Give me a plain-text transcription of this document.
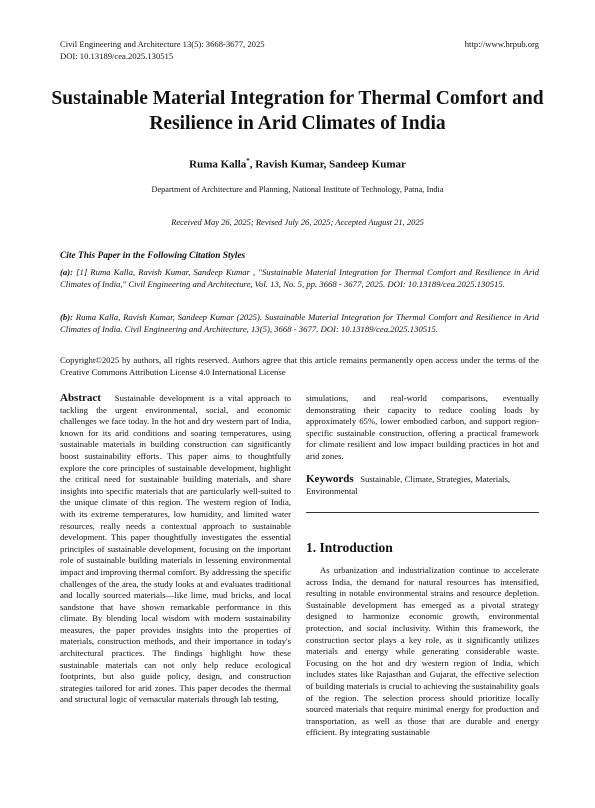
Civil Engineering and Architecture 13(5): 3668-3677, 2025
DOI: 10.13189/cea.2025.130515
http://www.hrpub.org
Sustainable Material Integration for Thermal Comfort and Resilience in Arid Climates of India
Ruma Kalla*, Ravish Kumar, Sandeep Kumar
Department of Architecture and Planning, National Institute of Technology, Patna, India
Received May 26, 2025; Revised July 26, 2025; Accepted August 21, 2025
Cite This Paper in the Following Citation Styles
(a): [1] Ruma Kalla, Ravish Kumar, Sandeep Kumar , "Sustainable Material Integration for Thermal Comfort and Resilience in Arid Climates of India," Civil Engineering and Architecture, Vol. 13, No. 5, pp. 3668 - 3677, 2025. DOI: 10.13189/cea.2025.130515.
(b): Ruma Kalla, Ravish Kumar, Sandeep Kumar (2025). Sustainable Material Integration for Thermal Comfort and Resilience in Arid Climates of India. Civil Engineering and Architecture, 13(5), 3668 - 3677. DOI: 10.13189/cea.2025.130515.
Copyright©2025 by authors, all rights reserved. Authors agree that this article remains permanently open access under the terms of the Creative Commons Attribution License 4.0 International License
Abstract Sustainable development is a vital approach to tackling the urgent environmental, social, and economic challenges we face today. In the hot and dry western part of India, known for its arid conditions and soaring temperatures, using sustainable materials in building construction can significantly boost sustainability efforts. This paper aims to thoughtfully explore the core principles of sustainable development, highlight the critical need for sustainable building materials, and share insights into specific materials that are particularly well-suited to the unique climate of this region. The western region of India, with its extreme temperatures, low humidity, and limited water resources, really needs a contextual approach to sustainable development. This paper thoughtfully investigates the essential principles of sustainable development, focusing on the important role of sustainable building materials in lessening environmental impact and improving thermal comfort. By addressing the specific challenges of the area, the study looks at and evaluates traditional and locally sourced materials—like lime, mud bricks, and local sandstone that have shown remarkable performance in this climate. By blending local wisdom with modern sustainability measures, the paper provides insights into the properties of materials, construction methods, and their importance in today's architectural practices. The findings highlight how these sustainable materials can not only help reduce ecological footprints, but also guide policy, design, and construction strategies tailored for arid zones. This paper decodes the thermal and structural logic of vernacular materials through lab testing,
simulations, and real-world comparisons, eventually demonstrating their capacity to reduce cooling loads by approximately 65%, lower embodied carbon, and support region-specific sustainable construction, offering a practical framework for climate resilient and low impact building practices in hot and arid zones.
Keywords Sustainable, Climate, Strategies, Materials, Environmental
1. Introduction
As urbanization and industrialization continue to accelerate across India, the demand for natural resources has intensified, resulting in notable environmental strains and resource depletion. Sustainable development has emerged as a pivotal strategy designed to harmonize economic growth, environmental protection, and social inclusivity. Within this framework, the construction sector plays a key role, as it significantly utilizes materials and energy while generating considerable waste. Focusing on the hot and dry western region of India, which includes states like Rajasthan and Gujarat, the effective selection of building materials is crucial to achieving the sustainability goals of the region. The selection process should prioritize locally sourced materials that require minimal energy for production and transportation, as well as those that are durable and energy efficient. By integrating sustainable
